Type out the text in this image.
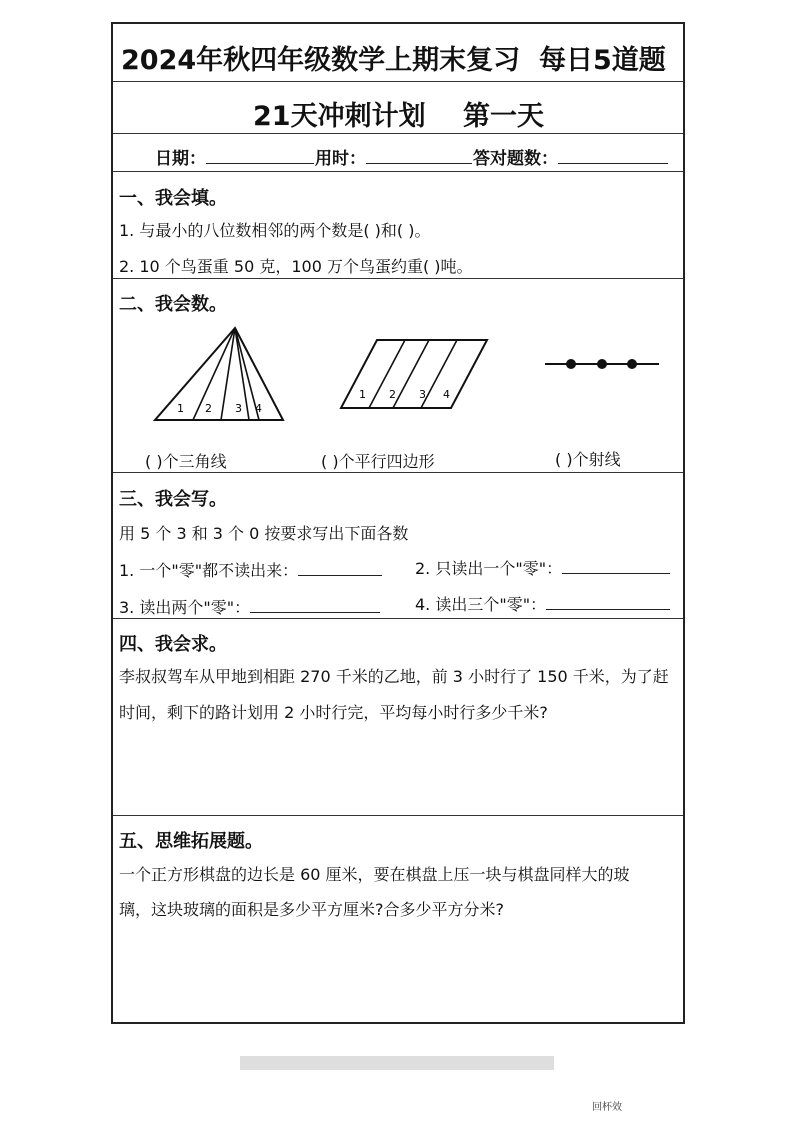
2024年秋四年级数学上期末复习 每日5道题
21天冲刺计划 第一天
日期：	用时：	答对题数：
一、我会填。
1. 与最小的八位数相邻的两个数是( )和( )。
2. 10 个鸟蛋重 50 克，100 万个鸟蛋约重( )吨。
二、我会数。
1 2 3 4
1 2 3 4
( )个三角线	( )个平行四边形	( )个射线
三、我会写。
用 5 个 3 和 3 个 0 按要求写出下面各数
1. 一个"零"都不读出来：	2. 只读出一个"零"：
3. 读出两个"零"：	4. 读出三个"零"：
四、我会求。
李叔叔驾车从甲地到相距 270 千米的乙地，前 3 小时行了 150 千米，为了赶
时间，剩下的路计划用 2 小时行完，平均每小时行多少千米?
五、思维拓展题。
一个正方形棋盘的边长是 60 厘米，要在棋盘上压一块与棋盘同样大的玻
璃，这块玻璃的面积是多少平方厘米?合多少平方分米?
回杯效
